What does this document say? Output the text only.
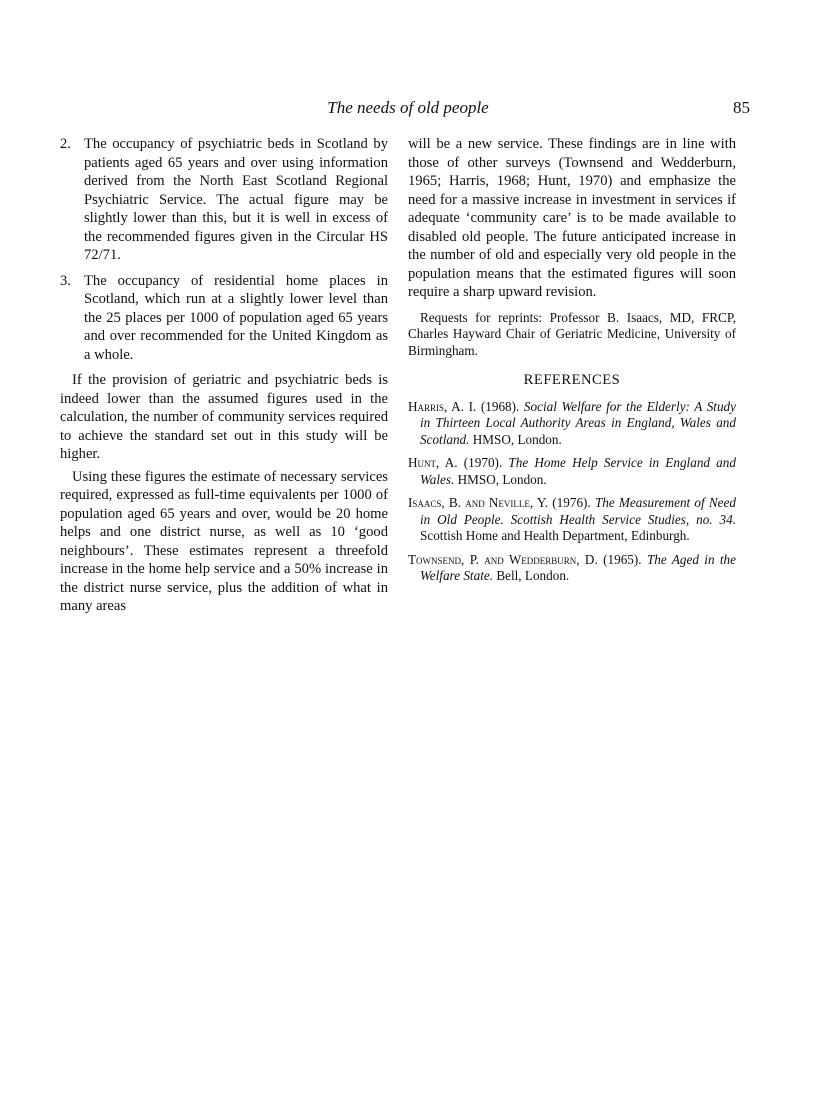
The needs of old people	85
2. The occupancy of psychiatric beds in Scotland by patients aged 65 years and over using information derived from the North East Scotland Regional Psychiatric Service. The actual figure may be slightly lower than this, but it is well in excess of the recommended figures given in the Circular HS 72/71.
3. The occupancy of residential home places in Scotland, which run at a slightly lower level than the 25 places per 1000 of population aged 65 years and over recommended for the United Kingdom as a whole.

If the provision of geriatric and psychiatric beds is indeed lower than the assumed figures used in the calculation, the number of community services required to achieve the standard set out in this study will be higher.

Using these figures the estimate of necessary services required, expressed as full-time equivalents per 1000 of population aged 65 years and over, would be 20 home helps and one district nurse, as well as 10 ‘good neighbours’. These estimates represent a threefold increase in the home help service and a 50% increase in the district nurse service, plus the addition of what in many areas

will be a new service. These findings are in line with those of other surveys (Townsend and Wedderburn, 1965; Harris, 1968; Hunt, 1970) and emphasize the need for a massive increase in investment in services if adequate ‘community care’ is to be made available to disabled old people. The future anticipated increase in the number of old and especially very old people in the population means that the estimated figures will soon require a sharp upward revision.

Requests for reprints: Professor B. Isaacs, MD, FRCP, Charles Hayward Chair of Geriatric Medicine, University of Birmingham.

REFERENCES
Harris, A. I. (1968). Social Welfare for the Elderly: A Study in Thirteen Local Authority Areas in England, Wales and Scotland. HMSO, London.
Hunt, A. (1970). The Home Help Service in England and Wales. HMSO, London.
Isaacs, B. and Neville, Y. (1976). The Measurement of Need in Old People. Scottish Health Service Studies, no. 34. Scottish Home and Health Department, Edinburgh.
Townsend, P. and Wedderburn, D. (1965). The Aged in the Welfare State. Bell, London.
